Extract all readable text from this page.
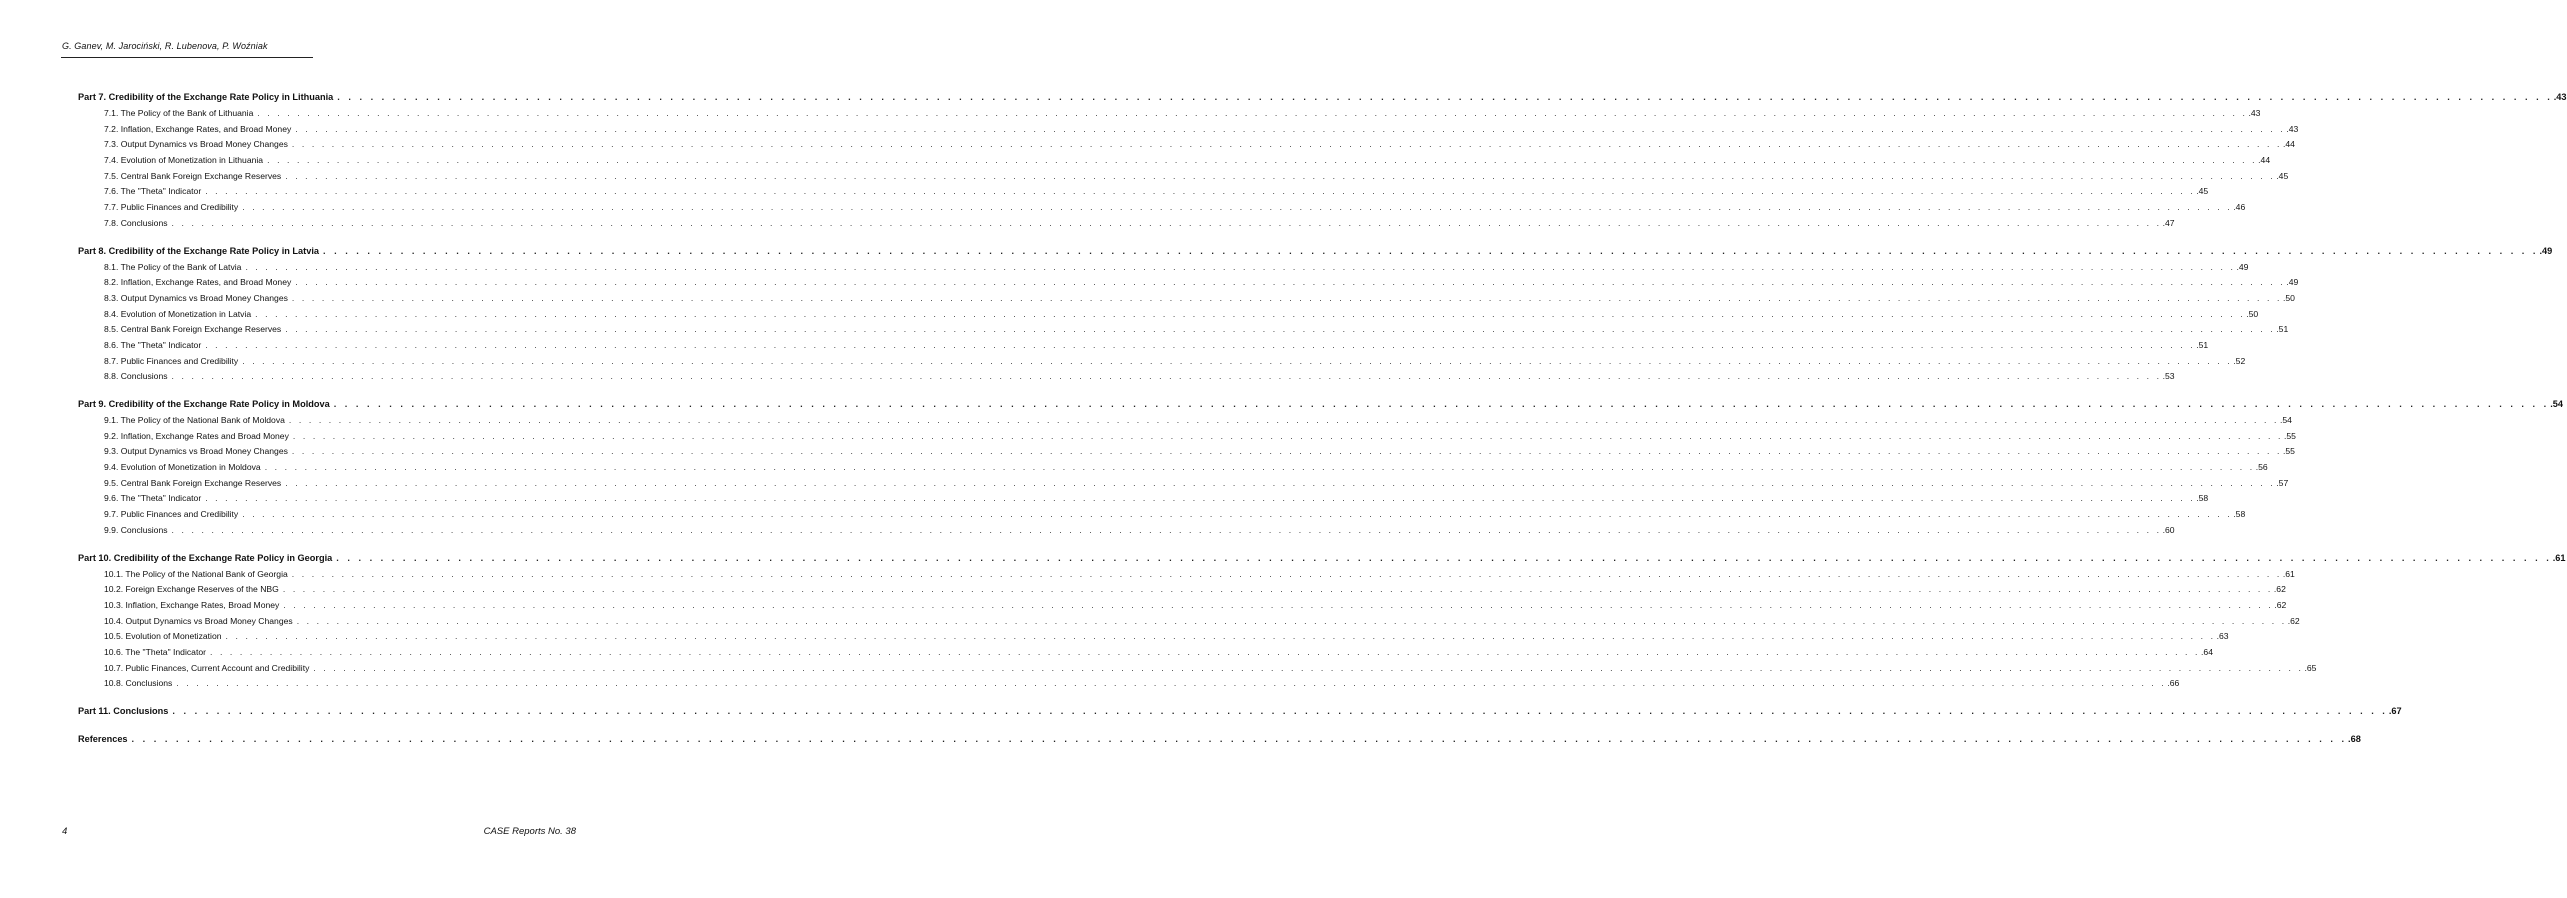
G. Ganev, M. Jarociński, R. Lubenova, P. Woźniak
Part 7. Credibility of the Exchange Rate Policy in Lithuania . . . . . . . . . . . . . . . . . . . . . . . . . . . . . . . . . . . . . . . . . . . . . . . . . . . . . . . . . . . . . . . . . . . . . . . . . . . . . . . . . . . . . . . . . . . . . . . . . . . . . . . . . . . . . . . . . . . . . . . . . . . . . . . . . . . . . . . . . . . . . . . . . . . . . . . . . . . . . . . . . . . . . . . . . . . . . . . . . . . . . . . . . . . . . . . . . . . . . . . . .43
7.1. The Policy of the Bank of Lithuania . . . . . . . . . . . . . . . . . . . . . . . . . . . . . . . . . . . . . . . . . . . . . . . . . . . . . . . . . . . . . . . . . . . . . . . . . . . . . . . . . . . . . . . . . . . . . . . . . . . . . . . . . . . . . . . . . . . . . . . . . . . . . . . . . . . . . . . . . . . . . . . . . . . . . . . . . . . . . . . . . . . . . . . . . . . . . . . . . . . . . . . . . . . . . . . . . . . . . . . . .43
7.2. Inflation, Exchange Rates, and Broad Money . . . . . . . . . . . . . . . . . . . . . . . . . . . . . . . . . . . . . . . . . . . . . . . . . . . . . . . . . . . . . . . . . . . . . . . . . . . . . . . . . . . . . . . . . . . . . . . . . . . . . . . . . . . . . . . . . . . . . . . . . . . . . . . . . . . . . . . . . . . . . . . . . . . . . . . . . . . . . . . . . . . . . . . . . . . . . . . . . . . . . . . . . . . . . . . . . . . . . . . . .43
7.3. Output Dynamics vs Broad Money Changes . . . . . . . . . . . . . . . . . . . . . . . . . . . . . . . . . . . . . . . . . . . . . . . . . . . . . . . . . . . . . . . . . . . . . . . . . . . . . . . . . . . . . . . . . . . . . . . . . . . . . . . . . . . . . . . . . . . . . . . . . . . . . . . . . . . . . . . . . . . . . . . . . . . . . . . . . . . . . . . . . . . . . . . . . . . . . . . . . . . . . . . . . . . . . . . . . . . . . . . . .44
7.4. Evolution of Monetization in Lithuania . . . . . . . . . . . . . . . . . . . . . . . . . . . . . . . . . . . . . . . . . . . . . . . . . . . . . . . . . . . . . . . . . . . . . . . . . . . . . . . . . . . . . . . . . . . . . . . . . . . . . . . . . . . . . . . . . . . . . . . . . . . . . . . . . . . . . . . . . . . . . . . . . . . . . . . . . . . . . . . . . . . . . . . . . . . . . . . . . . . . . . . . . . . . . . . . . . . . . . . . .44
7.5. Central Bank Foreign Exchange Reserves . . . . . . . . . . . . . . . . . . . . . . . . . . . . . . . . . . . . . . . . . . . . . . . . . . . . . . . . . . . . . . . . . . . . . . . . . . . . . . . . . . . . . . . . . . . . . . . . . . . . . . . . . . . . . . . . . . . . . . . . . . . . . . . . . . . . . . . . . . . . . . . . . . . . . . . . . . . . . . . . . . . . . . . . . . . . . . . . . . . . . . . . . . . . . . . . . . . . . . . . .45
7.6. The "Theta" Indicator . . . . . . . . . . . . . . . . . . . . . . . . . . . . . . . . . . . . . . . . . . . . . . . . . . . . . . . . . . . . . . . . . . . . . . . . . . . . . . . . . . . . . . . . . . . . . . . . . . . . . . . . . . . . . . . . . . . . . . . . . . . . . . . . . . . . . . . . . . . . . . . . . . . . . . . . . . . . . . . . . . . . . . . . . . . . . . . . . . . . . . . . . . . . . . . . . . . . . . . . .45
7.7. Public Finances and Credibility . . . . . . . . . . . . . . . . . . . . . . . . . . . . . . . . . . . . . . . . . . . . . . . . . . . . . . . . . . . . . . . . . . . . . . . . . . . . . . . . . . . . . . . . . . . . . . . . . . . . . . . . . . . . . . . . . . . . . . . . . . . . . . . . . . . . . . . . . . . . . . . . . . . . . . . . . . . . . . . . . . . . . . . . . . . . . . . . . . . . . . . . . . . . . . . . . . . . . . . . .46
7.8. Conclusions . . . . . . . . . . . . . . . . . . . . . . . . . . . . . . . . . . . . . . . . . . . . . . . . . . . . . . . . . . . . . . . . . . . . . . . . . . . . . . . . . . . . . . . . . . . . . . . . . . . . . . . . . . . . . . . . . . . . . . . . . . . . . . . . . . . . . . . . . . . . . . . . . . . . . . . . . . . . . . . . . . . . . . . . . . . . . . . . . . . . . . . . . . . . . . . . . . . . . . . . .47
Part 8. Credibility of the Exchange Rate Policy in Latvia . . . . . . . . . . . . . . . . . . . . . . . . . . . . . . . . . . . . . . . . . . . . . . . . . . . . . . . . . . . . . . . . . . . . . . . . . . . . . . . . . . . . . . . . . . . . . . . . . . . . . . . . . . . . . . . . . . . . . . . . . . . . . . . . . . . . . . . . . . . . . . . . . . . . . . . . . . . . . . . . . . . . . . . . . . . . . . . . . . . . . . . . . . . . . . . . . . . . . . . . .49
8.1. The Policy of the Bank of Latvia . . . . . . . . . . . . . . . . . . . . . . . . . . . . . . . . . . . . . . . . . . . . . . . . . . . . . . . . . . . . . . . . . . . . . . . . . . . . . . . . . . . . . . . . . . . . . . . . . . . . . . . . . . . . . . . . . . . . . . . . . . . . . . . . . . . . . . . . . . . . . . . . . . . . . . . . . . . . . . . . . . . . . . . . . . . . . . . . . . . . . . . . . . . . . . . . . . . . . . . . .49
8.2. Inflation, Exchange Rates, and Broad Money . . . . . . . . . . . . . . . . . . . . . . . . . . . . . . . . . . . . . . . . . . . . . . . . . . . . . . . . . . . . . . . . . . . . . . . . . . . . . . . . . . . . . . . . . . . . . . . . . . . . . . . . . . . . . . . . . . . . . . . . . . . . . . . . . . . . . . . . . . . . . . . . . . . . . . . . . . . . . . . . . . . . . . . . . . . . . . . . . . . . . . . . . . . . . . . . . . . . . . . . .49
8.3. Output Dynamics vs Broad Money Changes . . . . . . . . . . . . . . . . . . . . . . . . . . . . . . . . . . . . . . . . . . . . . . . . . . . . . . . . . . . . . . . . . . . . . . . . . . . . . . . . . . . . . . . . . . . . . . . . . . . . . . . . . . . . . . . . . . . . . . . . . . . . . . . . . . . . . . . . . . . . . . . . . . . . . . . . . . . . . . . . . . . . . . . . . . . . . . . . . . . . . . . . . . . . . . . . . . . . . . . . .50
8.4. Evolution of Monetization in Latvia . . . . . . . . . . . . . . . . . . . . . . . . . . . . . . . . . . . . . . . . . . . . . . . . . . . . . . . . . . . . . . . . . . . . . . . . . . . . . . . . . . . . . . . . . . . . . . . . . . . . . . . . . . . . . . . . . . . . . . . . . . . . . . . . . . . . . . . . . . . . . . . . . . . . . . . . . . . . . . . . . . . . . . . . . . . . . . . . . . . . . . . . . . . . . . . . . . . . . . . . .50
8.5. Central Bank Foreign Exchange Reserves . . . . . . . . . . . . . . . . . . . . . . . . . . . . . . . . . . . . . . . . . . . . . . . . . . . . . . . . . . . . . . . . . . . . . . . . . . . . . . . . . . . . . . . . . . . . . . . . . . . . . . . . . . . . . . . . . . . . . . . . . . . . . . . . . . . . . . . . . . . . . . . . . . . . . . . . . . . . . . . . . . . . . . . . . . . . . . . . . . . . . . . . . . . . . . . . . . . . . . . . .51
8.6. The "Theta" Indicator . . . . . . . . . . . . . . . . . . . . . . . . . . . . . . . . . . . . . . . . . . . . . . . . . . . . . . . . . . . . . . . . . . . . . . . . . . . . . . . . . . . . . . . . . . . . . . . . . . . . . . . . . . . . . . . . . . . . . . . . . . . . . . . . . . . . . . . . . . . . . . . . . . . . . . . . . . . . . . . . . . . . . . . . . . . . . . . . . . . . . . . . . . . . . . . . . . . . . . . . .51
8.7. Public Finances and Credibility . . . . . . . . . . . . . . . . . . . . . . . . . . . . . . . . . . . . . . . . . . . . . . . . . . . . . . . . . . . . . . . . . . . . . . . . . . . . . . . . . . . . . . . . . . . . . . . . . . . . . . . . . . . . . . . . . . . . . . . . . . . . . . . . . . . . . . . . . . . . . . . . . . . . . . . . . . . . . . . . . . . . . . . . . . . . . . . . . . . . . . . . . . . . . . . . . . . . . . . . .52
8.8. Conclusions . . . . . . . . . . . . . . . . . . . . . . . . . . . . . . . . . . . . . . . . . . . . . . . . . . . . . . . . . . . . . . . . . . . . . . . . . . . . . . . . . . . . . . . . . . . . . . . . . . . . . . . . . . . . . . . . . . . . . . . . . . . . . . . . . . . . . . . . . . . . . . . . . . . . . . . . . . . . . . . . . . . . . . . . . . . . . . . . . . . . . . . . . . . . . . . . . . . . . . . . .53
Part 9. Credibility of the Exchange Rate Policy in Moldova . . . . . . . . . . . . . . . . . . . . . . . . . . . . . . . . . . . . . . . . . . . . . . . . . . . . . . . . . . . . . . . . . . . . . . . . . . . . . . . . . . . . . . . . . . . . . . . . . . . . . . . . . . . . . . . . . . . . . . . . . . . . . . . . . . . . . . . . . . . . . . . . . . . . . . . . . . . . . . . . . . . . . . . . . . . . . . . . . . . . . . . . . . . . . . . . . . . . . . . . .54
9.1. The Policy of the National Bank of Moldova . . . . . . . . . . . . . . . . . . . . . . . . . . . . . . . . . . . . . . . . . . . . . . . . . . . . . . . . . . . . . . . . . . . . . . . . . . . . . . . . . . . . . . . . . . . . . . . . . . . . . . . . . . . . . . . . . . . . . . . . . . . . . . . . . . . . . . . . . . . . . . . . . . . . . . . . . . . . . . . . . . . . . . . . . . . . . . . . . . . . . . . . . . . . . . . . . . . . . . . . .54
9.2. Inflation, Exchange Rates and Broad Money . . . . . . . . . . . . . . . . . . . . . . . . . . . . . . . . . . . . . . . . . . . . . . . . . . . . . . . . . . . . . . . . . . . . . . . . . . . . . . . . . . . . . . . . . . . . . . . . . . . . . . . . . . . . . . . . . . . . . . . . . . . . . . . . . . . . . . . . . . . . . . . . . . . . . . . . . . . . . . . . . . . . . . . . . . . . . . . . . . . . . . . . . . . . . . . . . . . . . . . . .55
9.3. Output Dynamics vs Broad Money Changes . . . . . . . . . . . . . . . . . . . . . . . . . . . . . . . . . . . . . . . . . . . . . . . . . . . . . . . . . . . . . . . . . . . . . . . . . . . . . . . . . . . . . . . . . . . . . . . . . . . . . . . . . . . . . . . . . . . . . . . . . . . . . . . . . . . . . . . . . . . . . . . . . . . . . . . . . . . . . . . . . . . . . . . . . . . . . . . . . . . . . . . . . . . . . . . . . . . . . . . . .55
9.4. Evolution of Monetization in Moldova . . . . . . . . . . . . . . . . . . . . . . . . . . . . . . . . . . . . . . . . . . . . . . . . . . . . . . . . . . . . . . . . . . . . . . . . . . . . . . . . . . . . . . . . . . . . . . . . . . . . . . . . . . . . . . . . . . . . . . . . . . . . . . . . . . . . . . . . . . . . . . . . . . . . . . . . . . . . . . . . . . . . . . . . . . . . . . . . . . . . . . . . . . . . . . . . . . . . . . . . .56
9.5. Central Bank Foreign Exchange Reserves . . . . . . . . . . . . . . . . . . . . . . . . . . . . . . . . . . . . . . . . . . . . . . . . . . . . . . . . . . . . . . . . . . . . . . . . . . . . . . . . . . . . . . . . . . . . . . . . . . . . . . . . . . . . . . . . . . . . . . . . . . . . . . . . . . . . . . . . . . . . . . . . . . . . . . . . . . . . . . . . . . . . . . . . . . . . . . . . . . . . . . . . . . . . . . . . . . . . . . . . .57
9.6. The "Theta" Indicator . . . . . . . . . . . . . . . . . . . . . . . . . . . . . . . . . . . . . . . . . . . . . . . . . . . . . . . . . . . . . . . . . . . . . . . . . . . . . . . . . . . . . . . . . . . . . . . . . . . . . . . . . . . . . . . . . . . . . . . . . . . . . . . . . . . . . . . . . . . . . . . . . . . . . . . . . . . . . . . . . . . . . . . . . . . . . . . . . . . . . . . . . . . . . . . . . . . . . . . . .58
9.7. Public Finances and Credibility . . . . . . . . . . . . . . . . . . . . . . . . . . . . . . . . . . . . . . . . . . . . . . . . . . . . . . . . . . . . . . . . . . . . . . . . . . . . . . . . . . . . . . . . . . . . . . . . . . . . . . . . . . . . . . . . . . . . . . . . . . . . . . . . . . . . . . . . . . . . . . . . . . . . . . . . . . . . . . . . . . . . . . . . . . . . . . . . . . . . . . . . . . . . . . . . . . . . . . . . .58
9.9. Conclusions . . . . . . . . . . . . . . . . . . . . . . . . . . . . . . . . . . . . . . . . . . . . . . . . . . . . . . . . . . . . . . . . . . . . . . . . . . . . . . . . . . . . . . . . . . . . . . . . . . . . . . . . . . . . . . . . . . . . . . . . . . . . . . . . . . . . . . . . . . . . . . . . . . . . . . . . . . . . . . . . . . . . . . . . . . . . . . . . . . . . . . . . . . . . . . . . . . . . . . . . .60
Part 10. Credibility of the Exchange Rate Policy in Georgia . . . . . . . . . . . . . . . . . . . . . . . . . . . . . . . . . . . . . . . . . . . . . . . . . . . . . . . . . . . . . . . . . . . . . . . . . . . . . . . . . . . . . . . . . . . . . . . . . . . . . . . . . . . . . . . . . . . . . . . . . . . . . . . . . . . . . . . . . . . . . . . . . . . . . . . . . . . . . . . . . . . . . . . . . . . . . . . . . . . . . . . . . . . . . . . . . . . . . . . . .61
10.1. The Policy of the National Bank of Georgia . . . . . . . . . . . . . . . . . . . . . . . . . . . . . . . . . . . . . . . . . . . . . . . . . . . . . . . . . . . . . . . . . . . . . . . . . . . . . . . . . . . . . . . . . . . . . . . . . . . . . . . . . . . . . . . . . . . . . . . . . . . . . . . . . . . . . . . . . . . . . . . . . . . . . . . . . . . . . . . . . . . . . . . . . . . . . . . . . . . . . . . . . . . . . . . . . . . . . . . . .61
10.2. Foreign Exchange Reserves of the NBG . . . . . . . . . . . . . . . . . . . . . . . . . . . . . . . . . . . . . . . . . . . . . . . . . . . . . . . . . . . . . . . . . . . . . . . . . . . . . . . . . . . . . . . . . . . . . . . . . . . . . . . . . . . . . . . . . . . . . . . . . . . . . . . . . . . . . . . . . . . . . . . . . . . . . . . . . . . . . . . . . . . . . . . . . . . . . . . . . . . . . . . . . . . . . . . . . . . . . . . . .62
10.3. Inflation, Exchange Rates, Broad Money . . . . . . . . . . . . . . . . . . . . . . . . . . . . . . . . . . . . . . . . . . . . . . . . . . . . . . . . . . . . . . . . . . . . . . . . . . . . . . . . . . . . . . . . . . . . . . . . . . . . . . . . . . . . . . . . . . . . . . . . . . . . . . . . . . . . . . . . . . . . . . . . . . . . . . . . . . . . . . . . . . . . . . . . . . . . . . . . . . . . . . . . . . . . . . . . . . . . . . . . .62
10.4. Output Dynamics vs Broad Money Changes . . . . . . . . . . . . . . . . . . . . . . . . . . . . . . . . . . . . . . . . . . . . . . . . . . . . . . . . . . . . . . . . . . . . . . . . . . . . . . . . . . . . . . . . . . . . . . . . . . . . . . . . . . . . . . . . . . . . . . . . . . . . . . . . . . . . . . . . . . . . . . . . . . . . . . . . . . . . . . . . . . . . . . . . . . . . . . . . . . . . . . . . . . . . . . . . . . . . . . . . .62
10.5. Evolution of Monetization . . . . . . . . . . . . . . . . . . . . . . . . . . . . . . . . . . . . . . . . . . . . . . . . . . . . . . . . . . . . . . . . . . . . . . . . . . . . . . . . . . . . . . . . . . . . . . . . . . . . . . . . . . . . . . . . . . . . . . . . . . . . . . . . . . . . . . . . . . . . . . . . . . . . . . . . . . . . . . . . . . . . . . . . . . . . . . . . . . . . . . . . . . . . . . . . . . . . . . . . .63
10.6. The "Theta" Indicator . . . . . . . . . . . . . . . . . . . . . . . . . . . . . . . . . . . . . . . . . . . . . . . . . . . . . . . . . . . . . . . . . . . . . . . . . . . . . . . . . . . . . . . . . . . . . . . . . . . . . . . . . . . . . . . . . . . . . . . . . . . . . . . . . . . . . . . . . . . . . . . . . . . . . . . . . . . . . . . . . . . . . . . . . . . . . . . . . . . . . . . . . . . . . . . . . . . . . . . . .64
10.7. Public Finances, Current Account and Credibility . . . . . . . . . . . . . . . . . . . . . . . . . . . . . . . . . . . . . . . . . . . . . . . . . . . . . . . . . . . . . . . . . . . . . . . . . . . . . . . . . . . . . . . . . . . . . . . . . . . . . . . . . . . . . . . . . . . . . . . . . . . . . . . . . . . . . . . . . . . . . . . . . . . . . . . . . . . . . . . . . . . . . . . . . . . . . . . . . . . . . . . . . . . . . . . . . . . . . . . . .65
10.8. Conclusions . . . . . . . . . . . . . . . . . . . . . . . . . . . . . . . . . . . . . . . . . . . . . . . . . . . . . . . . . . . . . . . . . . . . . . . . . . . . . . . . . . . . . . . . . . . . . . . . . . . . . . . . . . . . . . . . . . . . . . . . . . . . . . . . . . . . . . . . . . . . . . . . . . . . . . . . . . . . . . . . . . . . . . . . . . . . . . . . . . . . . . . . . . . . . . . . . . . . . . . . .66
Part 11. Conclusions . . . . . . . . . . . . . . . . . . . . . . . . . . . . . . . . . . . . . . . . . . . . . . . . . . . . . . . . . . . . . . . . . . . . . . . . . . . . . . . . . . . . . . . . . . . . . . . . . . . . . . . . . . . . . . . . . . . . . . . . . . . . . . . . . . . . . . . . . . . . . . . . . . . . . . . . . . . . . . . . . . . . . . . . . . . . . . . . . . . . . . . . . . . . . . . . . . . . . . . . .67
References . . . . . . . . . . . . . . . . . . . . . . . . . . . . . . . . . . . . . . . . . . . . . . . . . . . . . . . . . . . . . . . . . . . . . . . . . . . . . . . . . . . . . . . . . . . . . . . . . . . . . . . . . . . . . . . . . . . . . . . . . . . . . . . . . . . . . . . . . . . . . . . . . . . . . . . . . . . . . . . . . . . . . . . . . . . . . . . . . . . . . . . . . . . . . . . . . . . . . . . . .68
4	CASE Reports No. 38
